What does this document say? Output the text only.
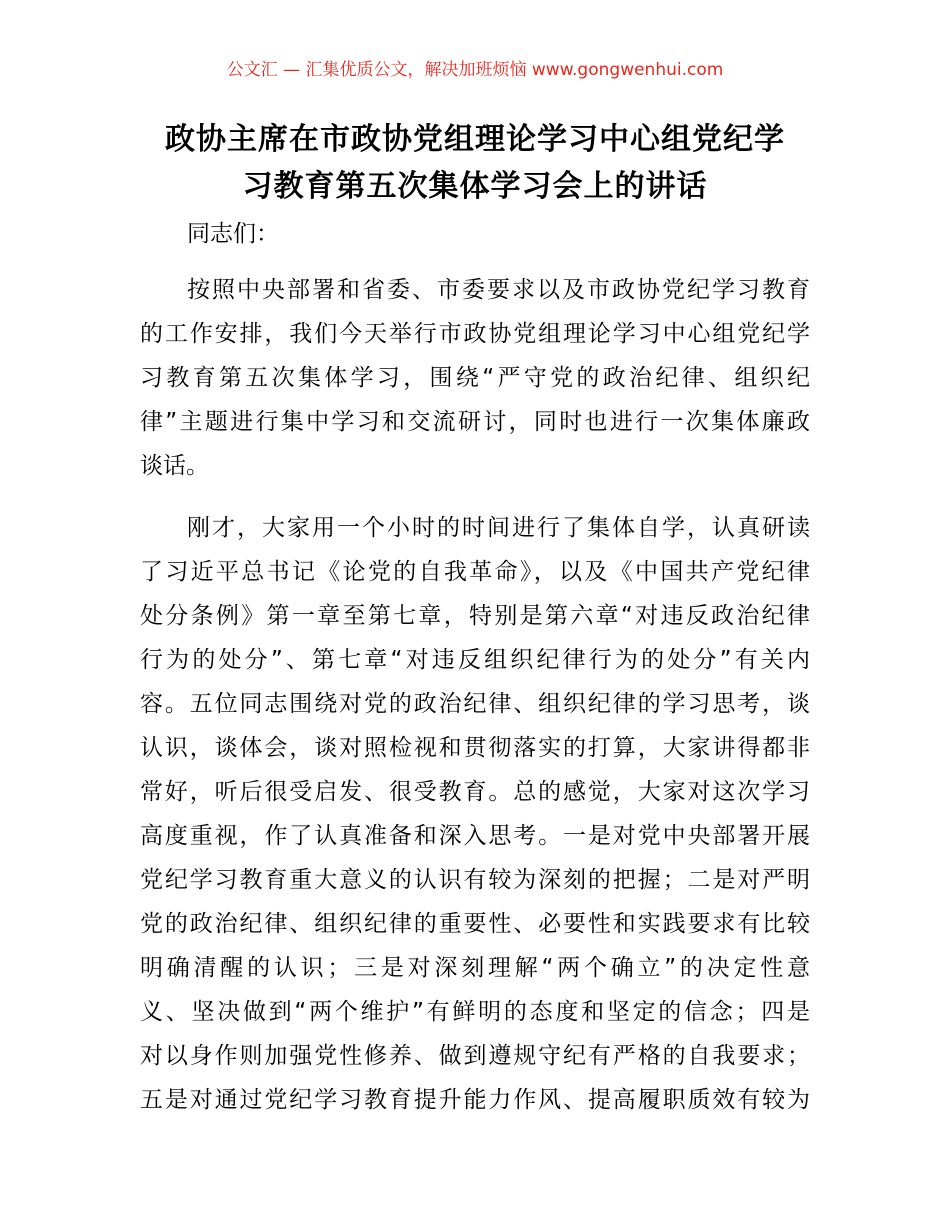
公文汇 — 汇集优质公文，解决加班烦恼 www.gongwenhui.com
政协主席在市政协党组理论学习中心组党纪学
习教育第五次集体学习会上的讲话

同志们：

按照中央部署和省委、市委要求以及市政协党纪学习教育
的工作安排，我们今天举行市政协党组理论学习中心组党纪学
习教育第五次集体学习，围绕“严守党的政治纪律、组织纪
律”主题进行集中学习和交流研讨，同时也进行一次集体廉政
谈话。

刚才，大家用一个小时的时间进行了集体自学，认真研读
了习近平总书记《论党的自我革命》，以及《中国共产党纪律
处分条例》第一章至第七章，特别是第六章“对违反政治纪律
行为的处分”、第七章“对违反组织纪律行为的处分”有关内
容。五位同志围绕对党的政治纪律、组织纪律的学习思考，谈
认识，谈体会，谈对照检视和贯彻落实的打算，大家讲得都非
常好，听后很受启发、很受教育。总的感觉，大家对这次学习
高度重视，作了认真准备和深入思考。一是对党中央部署开展
党纪学习教育重大意义的认识有较为深刻的把握；二是对严明
党的政治纪律、组织纪律的重要性、必要性和实践要求有比较
明确清醒的认识；三是对深刻理解“两个确立”的决定性意
义、坚决做到“两个维护”有鲜明的态度和坚定的信念；四是
对以身作则加强党性修养、做到遵规守纪有严格的自我要求；
五是对通过党纪学习教育提升能力作风、提高履职质效有较为
